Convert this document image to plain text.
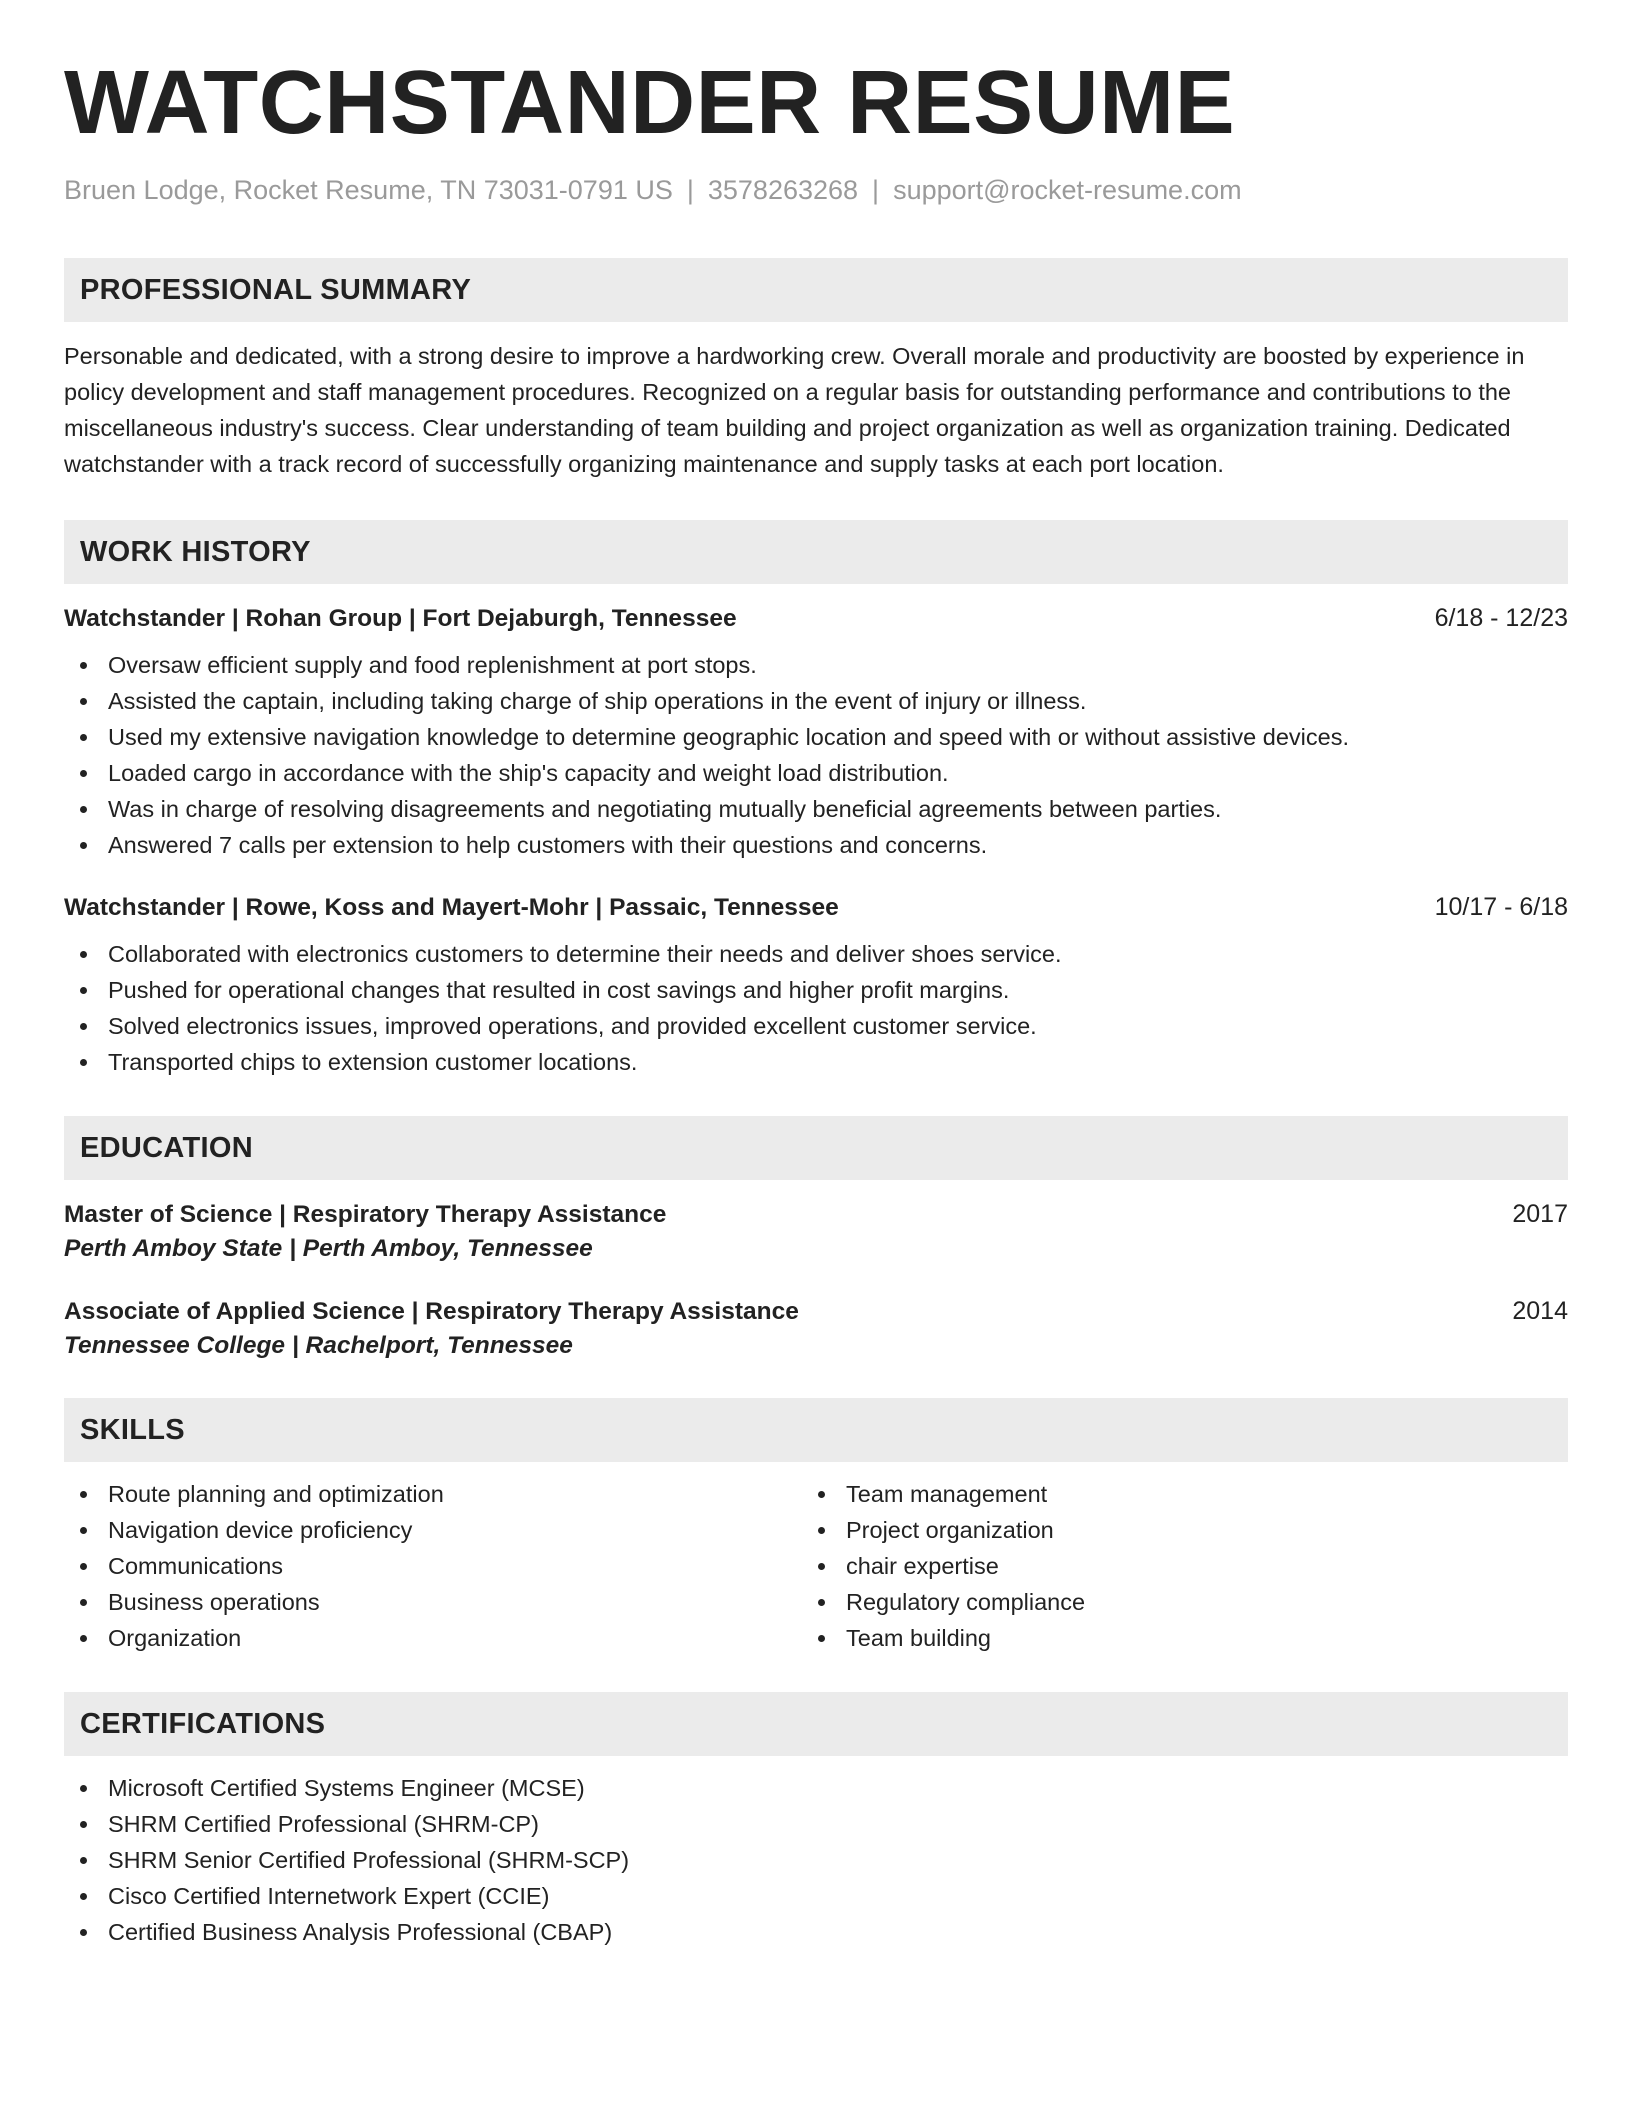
WATCHSTANDER RESUME
Bruen Lodge, Rocket Resume, TN 73031-0791 US | 3578263268 | support@rocket-resume.com
PROFESSIONAL SUMMARY
Personable and dedicated, with a strong desire to improve a hardworking crew. Overall morale and productivity are boosted by experience in policy development and staff management procedures. Recognized on a regular basis for outstanding performance and contributions to the miscellaneous industry's success. Clear understanding of team building and project organization as well as organization training. Dedicated watchstander with a track record of successfully organizing maintenance and supply tasks at each port location.
WORK HISTORY
Watchstander | Rohan Group | Fort Dejaburgh, Tennessee	6/18 - 12/23
Oversaw efficient supply and food replenishment at port stops.
Assisted the captain, including taking charge of ship operations in the event of injury or illness.
Used my extensive navigation knowledge to determine geographic location and speed with or without assistive devices.
Loaded cargo in accordance with the ship's capacity and weight load distribution.
Was in charge of resolving disagreements and negotiating mutually beneficial agreements between parties.
Answered 7 calls per extension to help customers with their questions and concerns.
Watchstander | Rowe, Koss and Mayert-Mohr | Passaic, Tennessee	10/17 - 6/18
Collaborated with electronics customers to determine their needs and deliver shoes service.
Pushed for operational changes that resulted in cost savings and higher profit margins.
Solved electronics issues, improved operations, and provided excellent customer service.
Transported chips to extension customer locations.
EDUCATION
Master of Science | Respiratory Therapy Assistance	2017
Perth Amboy State | Perth Amboy, Tennessee
Associate of Applied Science | Respiratory Therapy Assistance	2014
Tennessee College | Rachelport, Tennessee
SKILLS
Route planning and optimization
Navigation device proficiency
Communications
Business operations
Organization
Team management
Project organization
chair expertise
Regulatory compliance
Team building
CERTIFICATIONS
Microsoft Certified Systems Engineer (MCSE)
SHRM Certified Professional (SHRM-CP)
SHRM Senior Certified Professional (SHRM-SCP)
Cisco Certified Internetwork Expert (CCIE)
Certified Business Analysis Professional (CBAP)
